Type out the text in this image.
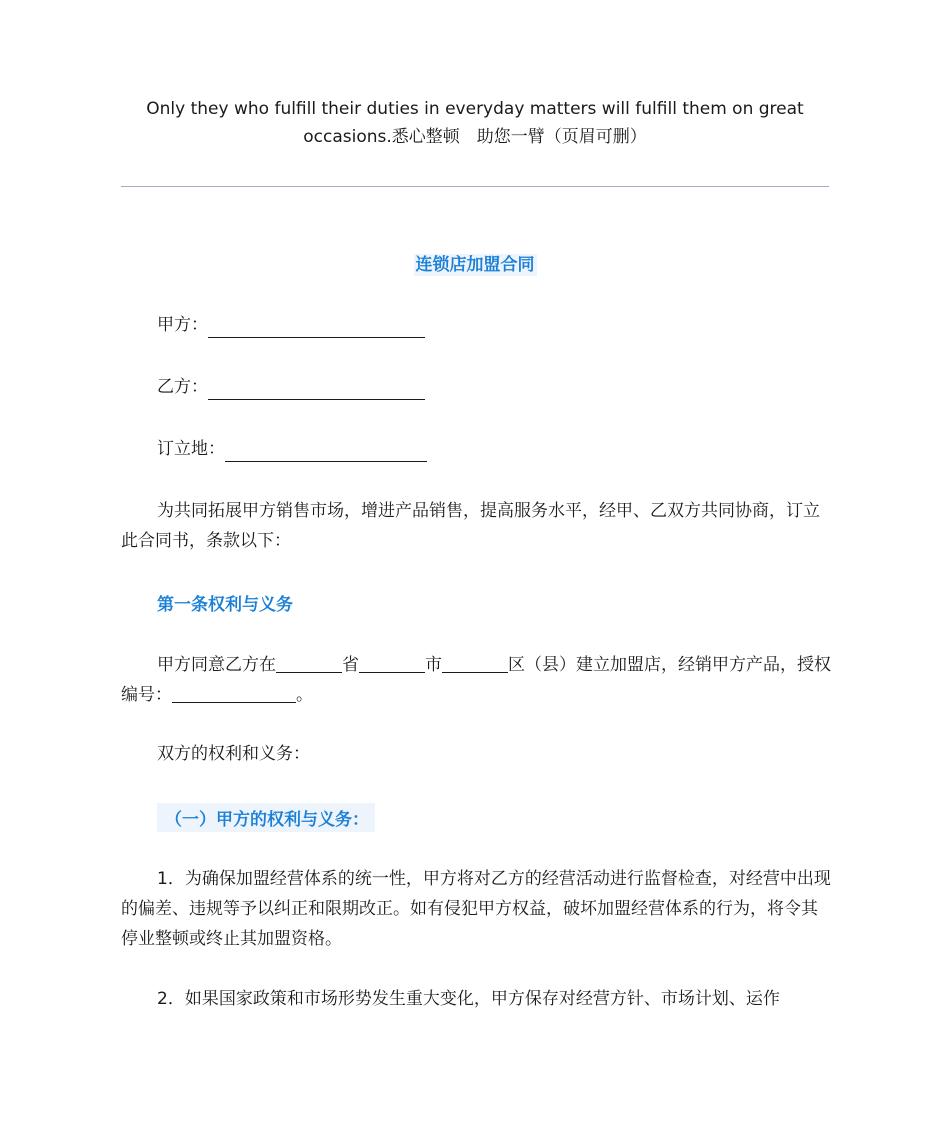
Only they who fulfill their duties in everyday matters will fulfill them on great
occasions.悉心整顿　助您一臂（页眉可删）
连锁店加盟合同
甲方：
乙方：
订立地：

为共同拓展甲方销售市场，增进产品销售，提高服务水平，经甲、乙双方共同协商，订立此合同书，条款以下：

第一条权利与义务

甲方同意乙方在	省	市	区（县）建立加盟店，经销甲方产品，授权编号：	。

双方的权利和义务：
（一）甲方的权利与义务：

1．为确保加盟经营体系的统一性，甲方将对乙方的经营活动进行监督检查，对经营中出现的偏差、违规等予以纠正和限期改正。如有侵犯甲方权益，破坏加盟经营体系的行为，将令其停业整顿或终止其加盟资格。

2．如果国家政策和市场形势发生重大变化，甲方保存对经营方针、市场计划、运作
